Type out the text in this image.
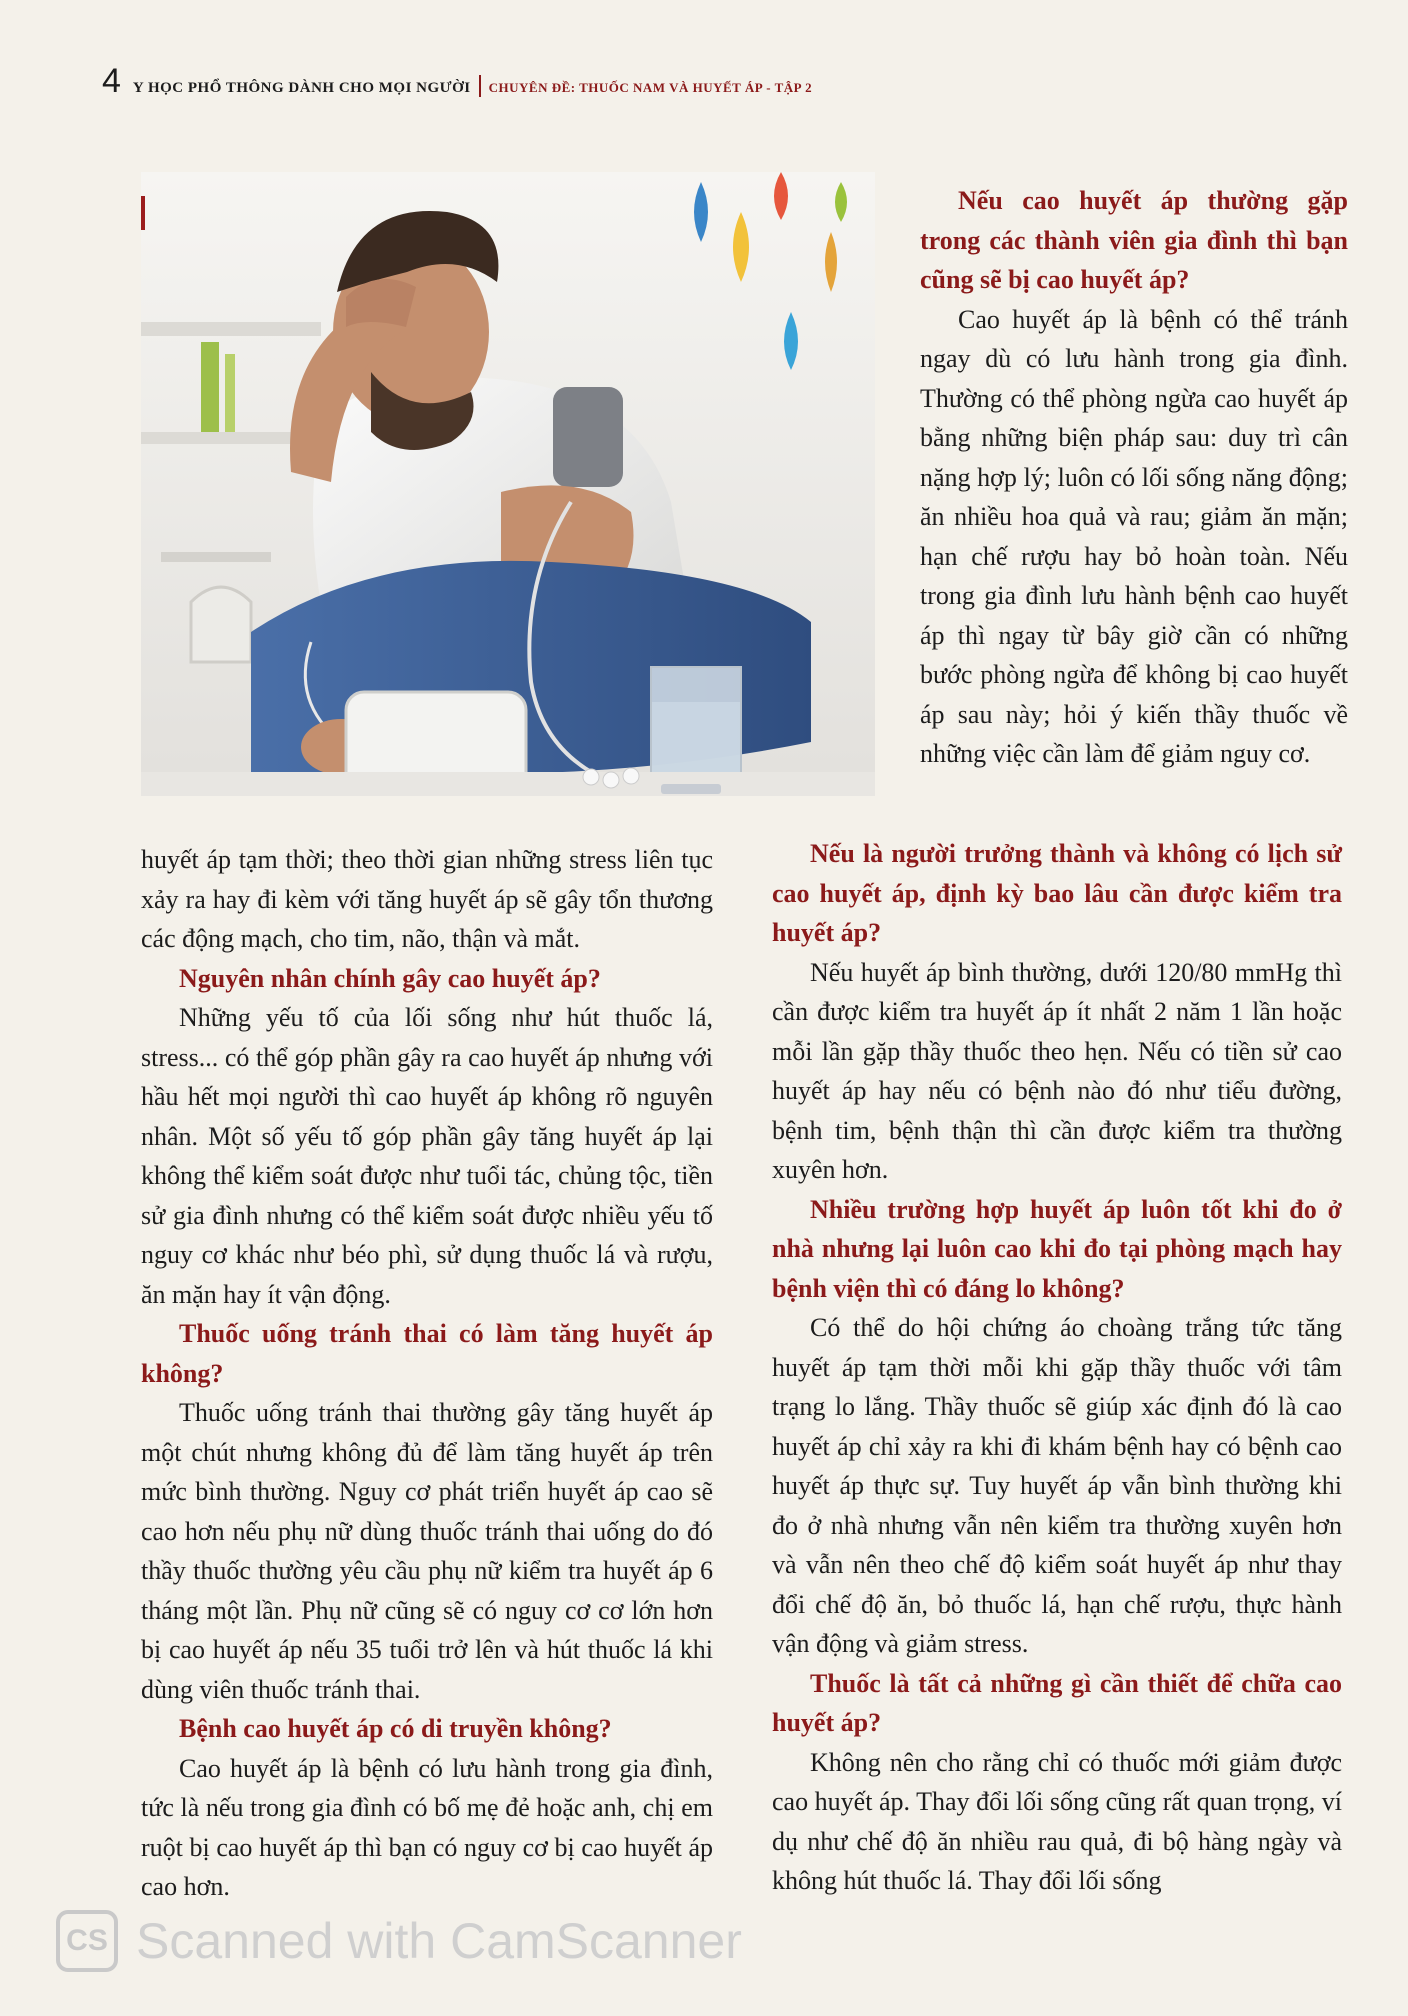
4 Y HỌC PHỔ THÔNG DÀNH CHO MỌI NGƯỜI CHUYÊN ĐỀ: THUỐC NAM VÀ HUYẾT ÁP - TẬP 2

huyết áp tạm thời; theo thời gian những stress liên tục xảy ra hay đi kèm với tăng huyết áp sẽ gây tổn thương các động mạch, cho tim, não, thận và mắt.

Nguyên nhân chính gây cao huyết áp?

Những yếu tố của lối sống như hút thuốc lá, stress... có thể góp phần gây ra cao huyết áp nhưng với hầu hết mọi người thì cao huyết áp không rõ nguyên nhân. Một số yếu tố góp phần gây tăng huyết áp lại không thể kiểm soát được như tuổi tác, chủng tộc, tiền sử gia đình nhưng có thể kiểm soát được nhiều yếu tố nguy cơ khác như béo phì, sử dụng thuốc lá và rượu, ăn mặn hay ít vận động.

Thuốc uống tránh thai có làm tăng huyết áp không?

Thuốc uống tránh thai thường gây tăng huyết áp một chút nhưng không đủ để làm tăng huyết áp trên mức bình thường. Nguy cơ phát triển huyết áp cao sẽ cao hơn nếu phụ nữ dùng thuốc tránh thai uống do đó thầy thuốc thường yêu cầu phụ nữ kiểm tra huyết áp 6 tháng một lần. Phụ nữ cũng sẽ có nguy cơ cơ lớn hơn bị cao huyết áp nếu 35 tuổi trở lên và hút thuốc lá khi dùng viên thuốc tránh thai.

Bệnh cao huyết áp có di truyền không?

Cao huyết áp là bệnh có lưu hành trong gia đình, tức là nếu trong gia đình có bố mẹ đẻ hoặc anh, chị em ruột bị cao huyết áp thì bạn có nguy cơ bị cao huyết áp cao hơn.

Nếu cao huyết áp thường gặp trong các thành viên gia đình thì bạn cũng sẽ bị cao huyết áp?

Cao huyết áp là bệnh có thể tránh ngay dù có lưu hành trong gia đình. Thường có thể phòng ngừa cao huyết áp bằng những biện pháp sau: duy trì cân nặng hợp lý; luôn có lối sống năng động; ăn nhiều hoa quả và rau; giảm ăn mặn; hạn chế rượu hay bỏ hoàn toàn. Nếu trong gia đình lưu hành bệnh cao huyết áp thì ngay từ bây giờ cần có những bước phòng ngừa để không bị cao huyết áp sau này; hỏi ý kiến thầy thuốc về những việc cần làm để giảm nguy cơ.

Nếu là người trưởng thành và không có lịch sử cao huyết áp, định kỳ bao lâu cần được kiểm tra huyết áp?

Nếu huyết áp bình thường, dưới 120/80 mmHg thì cần được kiểm tra huyết áp ít nhất 2 năm 1 lần hoặc mỗi lần gặp thầy thuốc theo hẹn. Nếu có tiền sử cao huyết áp hay nếu có bệnh nào đó như tiểu đường, bệnh tim, bệnh thận thì cần được kiểm tra thường xuyên hơn.

Nhiều trường hợp huyết áp luôn tốt khi đo ở nhà nhưng lại luôn cao khi đo tại phòng mạch hay bệnh viện thì có đáng lo không?

Có thể do hội chứng áo choàng trắng tức tăng huyết áp tạm thời mỗi khi gặp thầy thuốc với tâm trạng lo lắng. Thầy thuốc sẽ giúp xác định đó là cao huyết áp chỉ xảy ra khi đi khám bệnh hay có bệnh cao huyết áp thực sự. Tuy huyết áp vẫn bình thường khi đo ở nhà nhưng vẫn nên kiểm tra thường xuyên hơn và vẫn nên theo chế độ kiểm soát huyết áp như thay đổi chế độ ăn, bỏ thuốc lá, hạn chế rượu, thực hành vận động và giảm stress.

Thuốc là tất cả những gì cần thiết để chữa cao huyết áp?

Không nên cho rằng chỉ có thuốc mới giảm được cao huyết áp. Thay đổi lối sống cũng rất quan trọng, ví dụ như chế độ ăn nhiều rau quả, đi bộ hàng ngày và không hút thuốc lá. Thay đổi lối sống

CS Scanned with CamScanner
